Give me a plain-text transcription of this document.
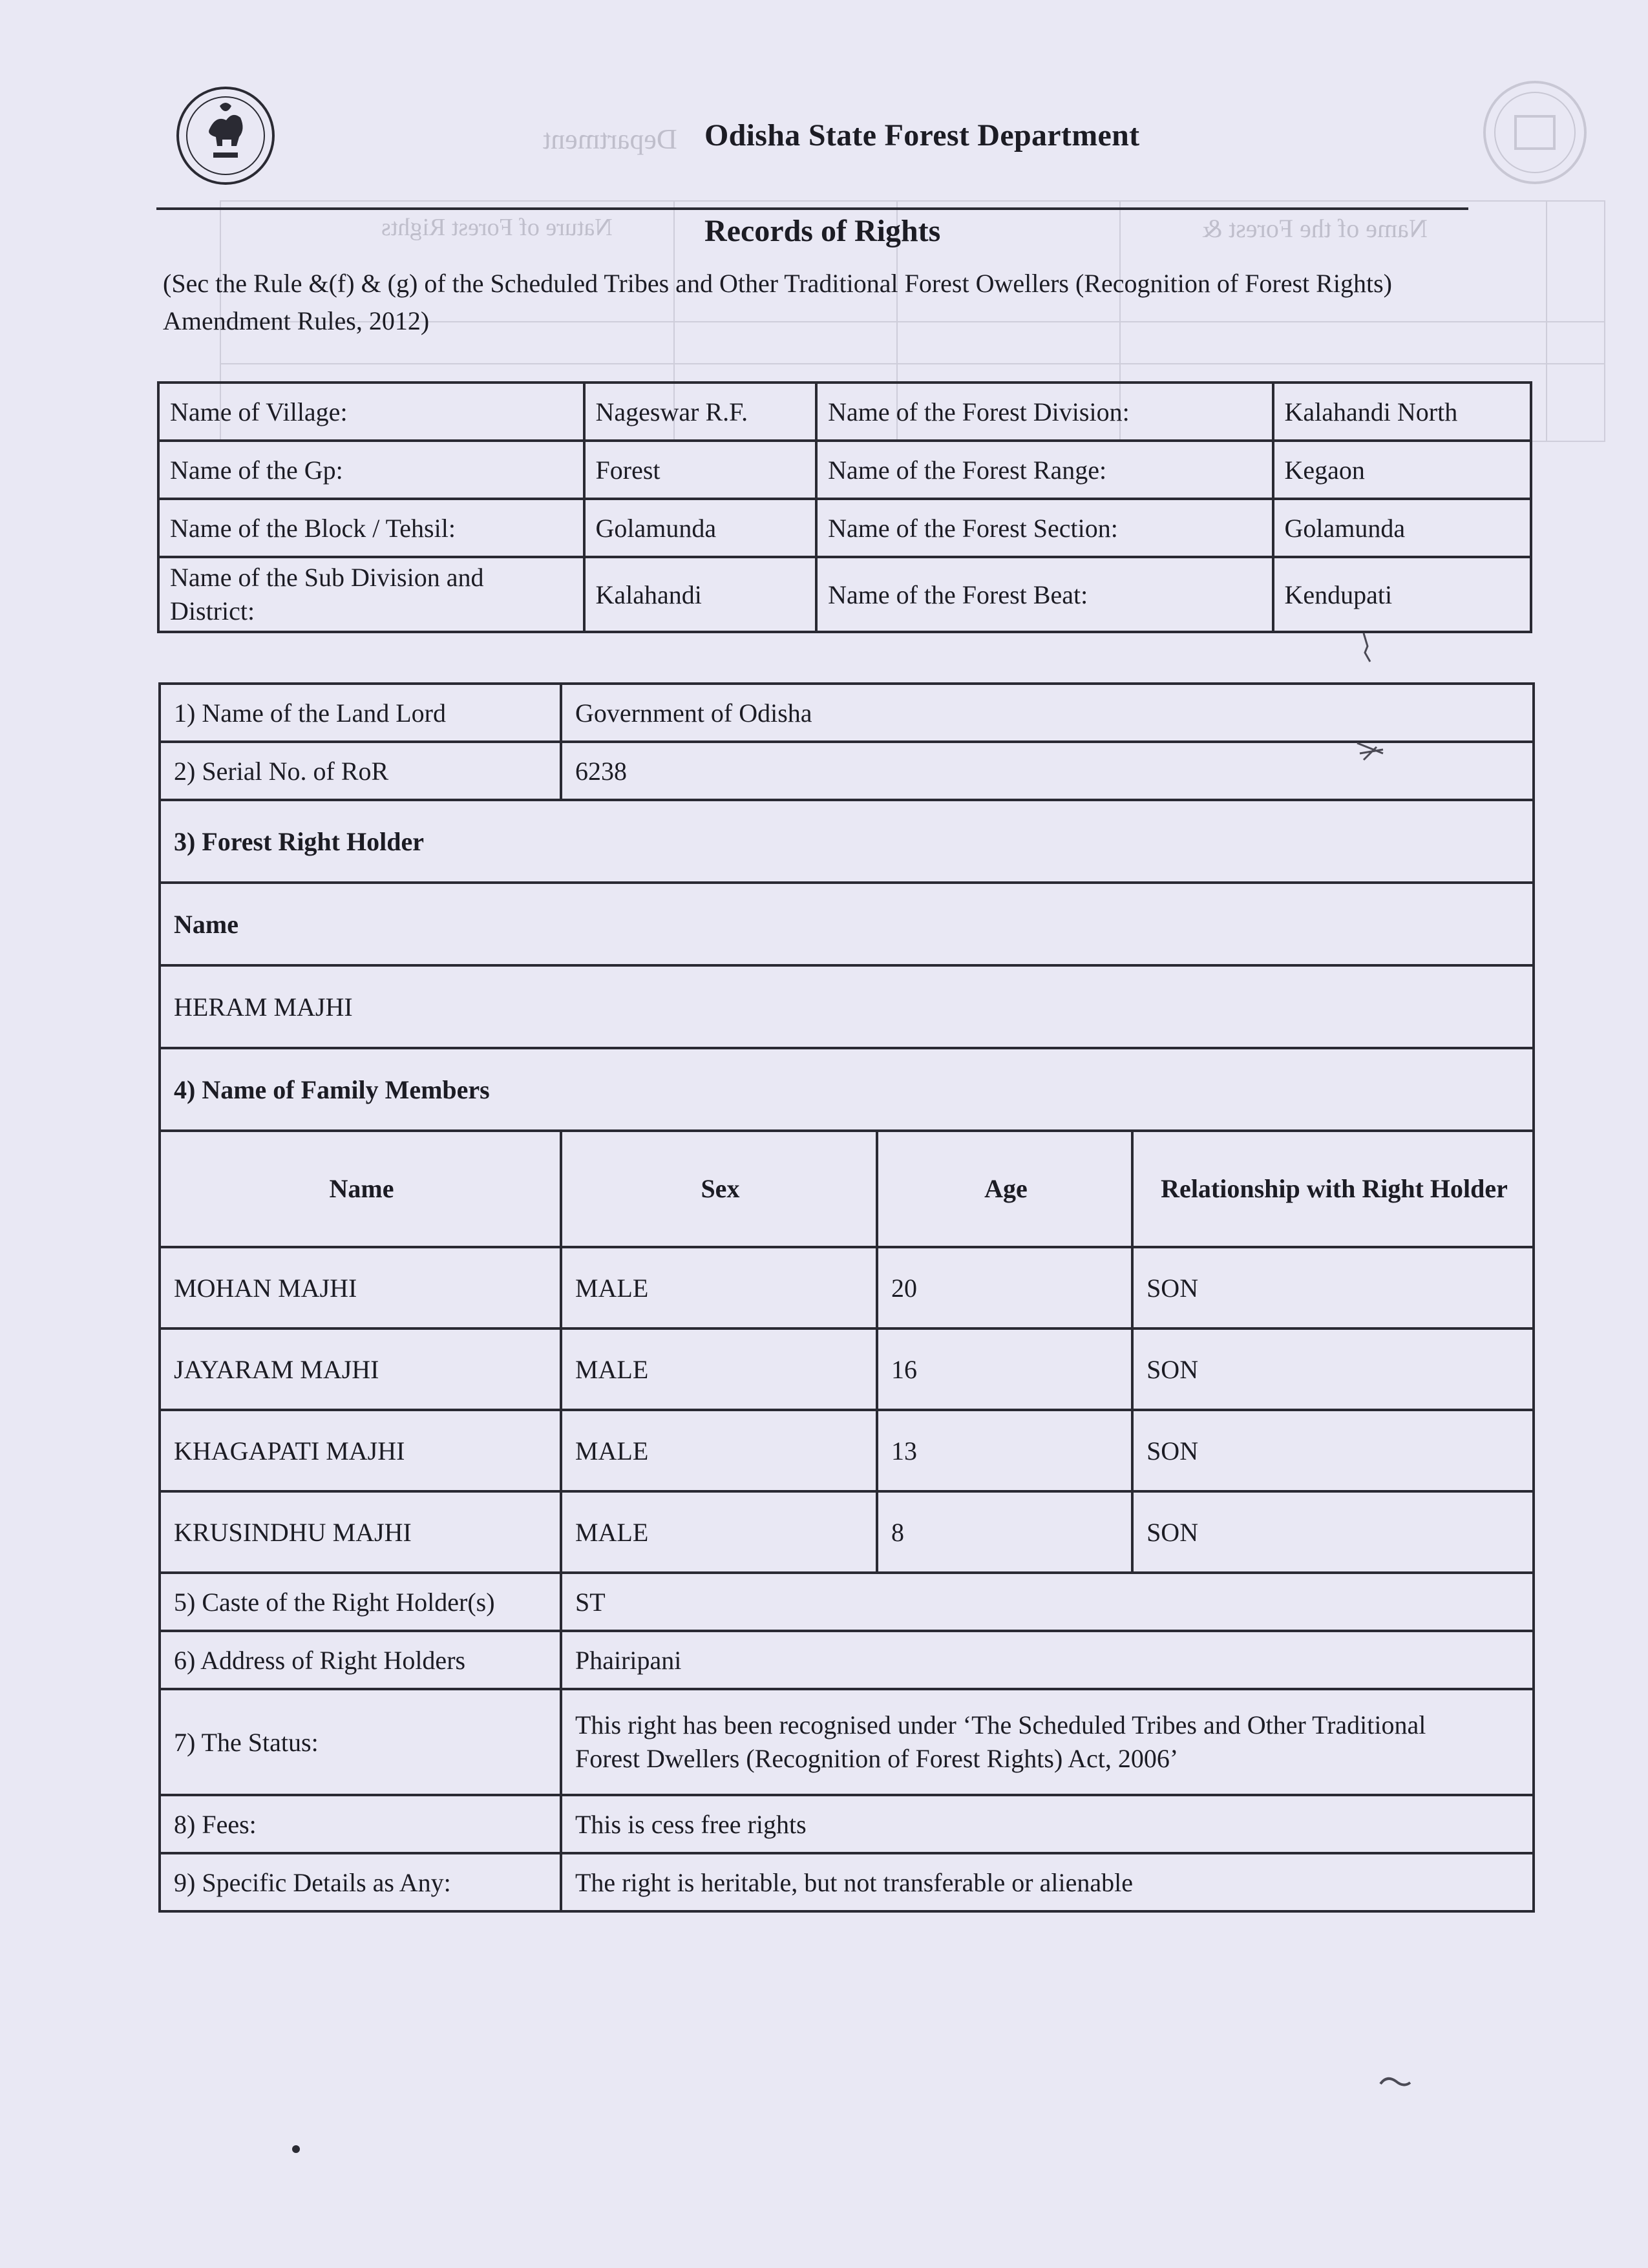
Department
Name of the Forest &
Nature of Forest Rights
Odisha State Forest Department
Records of Rights
(Sec the Rule &(f) & (g) of the Scheduled Tribes and Other Traditional Forest Owellers (Recognition of Forest Rights) Amendment Rules, 2012)
Name of Village:	Nageswar R.F.	Name of the Forest Division:	Kalahandi North
Name of the Gp:	Forest	Name of the Forest Range:	Kegaon
Name of the Block / Tehsil:	Golamunda	Name of the Forest Section:	Golamunda
Name of the Sub Division and District:	Kalahandi	Name of the Forest Beat:	Kendupati
1) Name of the Land Lord	Government of Odisha		
2) Serial No. of RoR	6238		
3) Forest Right Holder			
Name			
HERAM MAJHI			
4) Name of Family Members			
Name	Sex	Age	Relationship with Right Holder
MOHAN MAJHI	MALE	20	SON
JAYARAM MAJHI	MALE	16	SON
KHAGAPATI MAJHI	MALE	13	SON
KRUSINDHU MAJHI	MALE	8	SON
5) Caste of the Right Holder(s)	ST		
6) Address of Right Holders	Phairipani		
7) The Status:	This right has been recognised under ‘The Scheduled Tribes and Other Traditional
Forest Dwellers (Recognition of Forest Rights) Act, 2006’		

8) Fees:	This is cess free rights		
9) Specific Details as Any:	The right is heritable, but not transferable or alienable		
